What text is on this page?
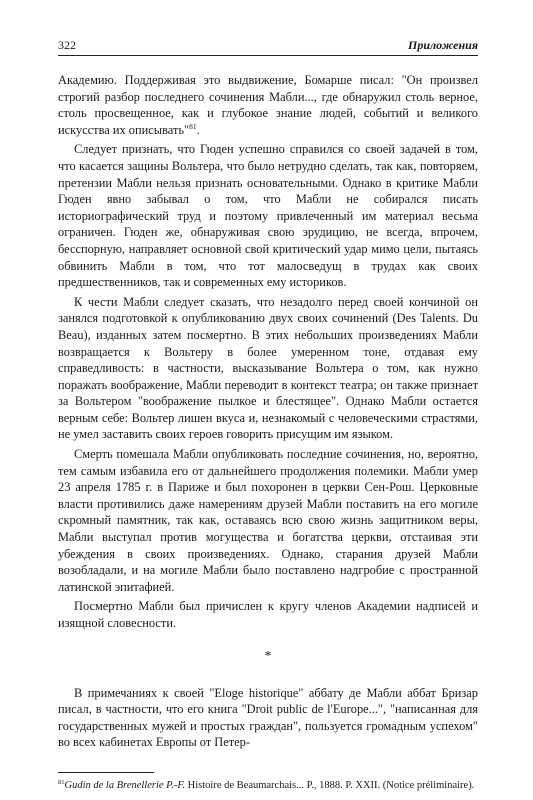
322	Приложения

Академию. Поддерживая это выдвижение, Бомарше писал: "Он произвел строгий разбор последнего сочинения Мабли..., где обнаружил столь верное, столь просвещенное, как и глубокое знание людей, событий и великого искусства их описывать"$^{81}$.

Следует признать, что Гюден успешно справился со своей задачей в том, что касается защины Вольтера, что было нетрудно сделать, так как, повторяем, претензии Мабли нельзя признать основательными. Однако в критике Мабли Гюден явно забывал о том, что Мабли не собирался писать историографический труд и поэтому привлеченный им материал весьма ограничен. Гюден же, обнаруживая свою эрудицию, не всегда, впрочем, бесспорную, направляет основной свой критический удар мимо цели, пытаясь обвинить Мабли в том, что тот малосведущ в трудах как своих предшественников, так и современных ему историков.

К чести Мабли следует сказать, что незадолго перед своей кончиной он занялся подготовкой к опубликованию двух своих сочинений (Des Talents. Du Beau), изданных затем посмертно. В этих небольших произведениях Мабли возвращается к Вольтеру в более умеренном тоне, отдавая ему справедливость: в частности, высказывание Вольтера о том, как нужно поражать воображение, Мабли переводит в контекст театра; он также признает за Вольтером "воображение пылкое и блестящее". Однако Мабли остается верным себе: Вольтер лишен вкуса и, незнакомый с человеческими страстями, не умел заставить своих героев говорить присущим им языком.

Смерть помешала Мабли опубликовать последние сочинения, но, вероятно, тем самым избавила его от дальнейшего продолжения полемики. Мабли умер 23 апреля 1785 г. в Париже и был похоронен в церкви Сен-Рош. Церковные власти противились даже намерениям друзей Мабли поставить на его могиле скромный памятник, так как, оставаясь всю свою жизнь защитником веры, Мабли выступал против могущества и богатства церкви, отстаивая эти убеждения в своих произведениях. Однако, старания друзей Мабли возобладали, и на могиле Мабли было поставлено надгробие с пространной латинской эпитафией.

Посмертно Мабли был причислен к кругу членов Академии надписей и изящной словесности.

*

В примечаниях к своей "Eloge historique" аббату де Мабли аббат Бризар писал, в частности, что его книга "Droit public de l'Europe...", "написанная для государственных мужей и простых граждан", пользуется громадным успехом" во всех кабинетах Европы от Петер-

$^{81}$Gudin de la Brenellerie P.-F. Histoire de Beaumarchais... P., 1888. P. XXII. (Notice préliminaire).
